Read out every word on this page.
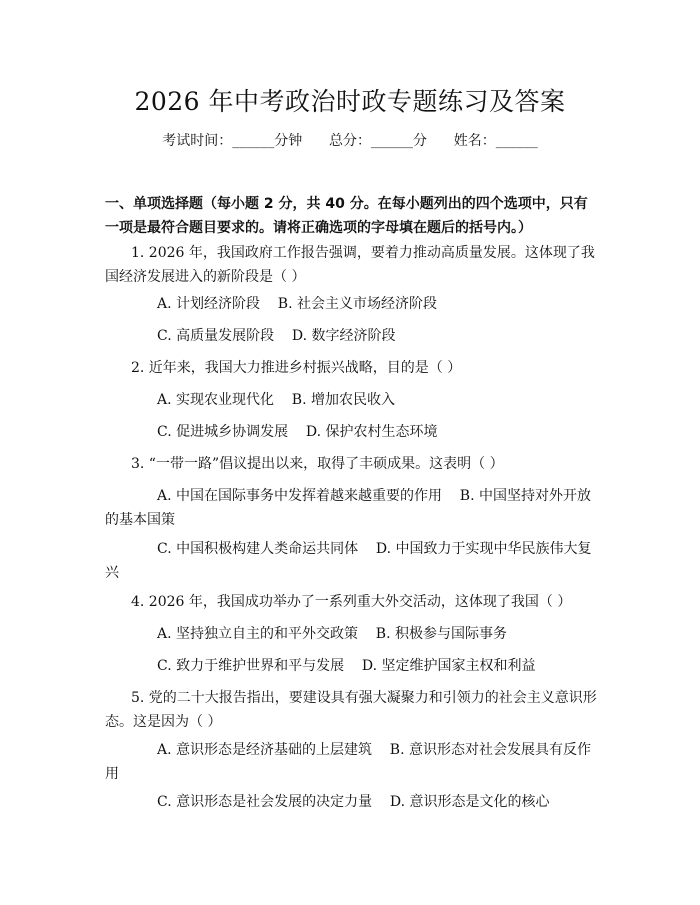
2026 年中考政治时政专题练习及答案
考试时间：______分钟      总分：______分      姓名：______
一、单项选择题（每小题 2 分，共 40 分。在每小题列出的四个选项中，只有一项是最符合题目要求的。请将正确选项的字母填在题后的括号内。）
1. 2026 年，我国政府工作报告强调，要着力推动高质量发展。这体现了我国经济发展进入的新阶段是（ ）
A. 计划经济阶段    B. 社会主义市场经济阶段
C. 高质量发展阶段    D. 数字经济阶段
2. 近年来，我国大力推进乡村振兴战略，目的是（ ）
A. 实现农业现代化    B. 增加农民收入
C. 促进城乡协调发展    D. 保护农村生态环境
3. “一带一路”倡议提出以来，取得了丰硕成果。这表明（ ）
A. 中国在国际事务中发挥着越来越重要的作用    B. 中国坚持对外开放的基本国策
C. 中国积极构建人类命运共同体    D. 中国致力于实现中华民族伟大复兴
4. 2026 年，我国成功举办了一系列重大外交活动，这体现了我国（ ）
A. 坚持独立自主的和平外交政策    B. 积极参与国际事务
C. 致力于维护世界和平与发展    D. 坚定维护国家主权和利益
5. 党的二十大报告指出，要建设具有强大凝聚力和引领力的社会主义意识形态。这是因为（ ）
A. 意识形态是经济基础的上层建筑    B. 意识形态对社会发展具有反作用
C. 意识形态是社会发展的决定力量    D. 意识形态是文化的核心
